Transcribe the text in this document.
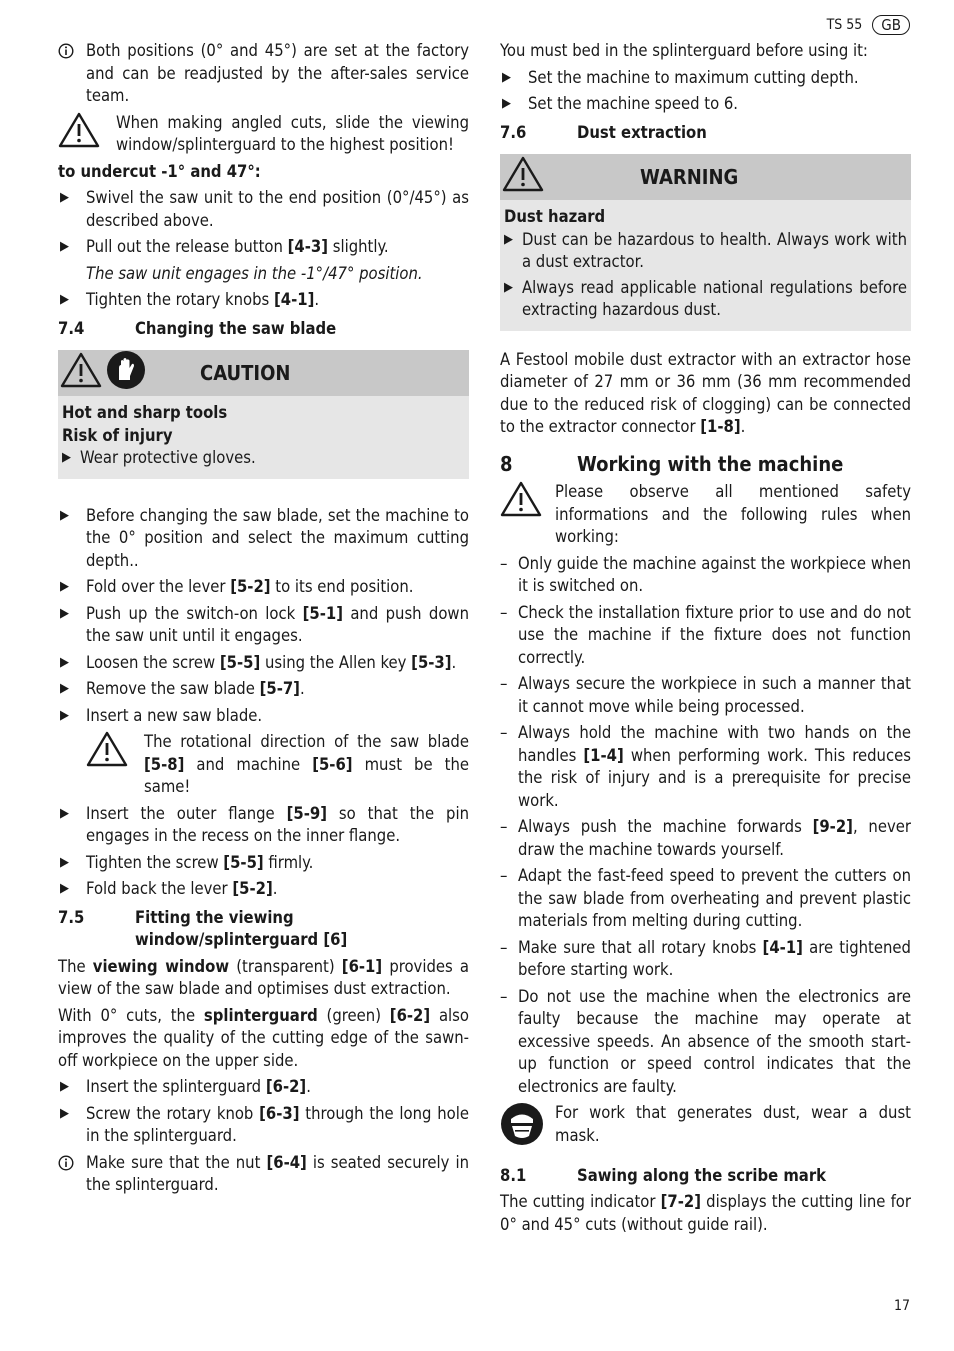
TS 55	GB
Both positions (0° and 45°) are set at the factory and can be readjusted by the after-sales service team.
When making angled cuts, slide the viewing window/splinterguard to the highest position!
to undercut -1° and 47°:
▶ Swivel the saw unit to the end position (0°/45°) as described above.
▶ Pull out the release button [4-3] slightly.
The saw unit engages in the -1°/47° position.
▶ Tighten the rotary knobs [4-1].
7.4	Changing the saw blade
CAUTION
Hot and sharp tools
Risk of injury
▶ Wear protective gloves.
▶ Before changing the saw blade, set the machine to the 0° position and select the maximum cutting depth..
▶ Fold over the lever [5-2] to its end position.
▶ Push up the switch-on lock [5-1] and push down the saw unit until it engages.
▶ Loosen the screw [5-5] using the Allen key [5-3].
▶ Remove the saw blade [5-7].
▶ Insert a new saw blade.
The rotational direction of the saw blade [5-8] and machine [5-6] must be the same!
▶ Insert the outer flange [5-9] so that the pin engages in the recess on the inner flange.
▶ Tighten the screw [5-5] firmly.
▶ Fold back the lever [5-2].
7.5	Fitting the viewing window/splinterguard [6]
The viewing window (transparent) [6-1] provides a view of the saw blade and optimises dust extraction.
With 0° cuts, the splinterguard (green) [6-2] also improves the quality of the cutting edge of the sawn-off workpiece on the upper side.
▶ Insert the splinterguard [6-2].
▶ Screw the rotary knob [6-3] through the long hole in the splinterguard.
Make sure that the nut [6-4] is seated securely in the splinterguard.
You must bed in the splinterguard before using it:
▶ Set the machine to maximum cutting depth.
▶ Set the machine speed to 6.
7.6	Dust extraction
WARNING
Dust hazard
▶ Dust can be hazardous to health. Always work with a dust extractor.
▶ Always read applicable national regulations before extracting hazardous dust.
A Festool mobile dust extractor with an extractor hose diameter of 27 mm or 36 mm (36 mm recommended due to the reduced risk of clogging) can be connected to the extractor connector [1-8].
8	Working with the machine
Please observe all mentioned safety informations and the following rules when working:
– Only guide the machine against the workpiece when it is switched on.
– Check the installation fixture prior to use and do not use the machine if the fixture does not function correctly.
– Always secure the workpiece in such a manner that it cannot move while being processed.
– Always hold the machine with two hands on the handles [1-4] when performing work. This reduces the risk of injury and is a prerequisite for precise work.
– Always push the machine forwards [9-2], never draw the machine towards yourself.
– Adapt the fast-feed speed to prevent the cutters on the saw blade from overheating and prevent plastic materials from melting during cutting.
– Make sure that all rotary knobs [4-1] are tightened before starting work.
– Do not use the machine when the electronics are faulty because the machine may operate at excessive speeds. An absence of the smooth start-up function or speed control indicates that the electronics are faulty.
For work that generates dust, wear a dust mask.
8.1	Sawing along the scribe mark
The cutting indicator [7-2] displays the cutting line for 0° and 45° cuts (without guide rail).
17
